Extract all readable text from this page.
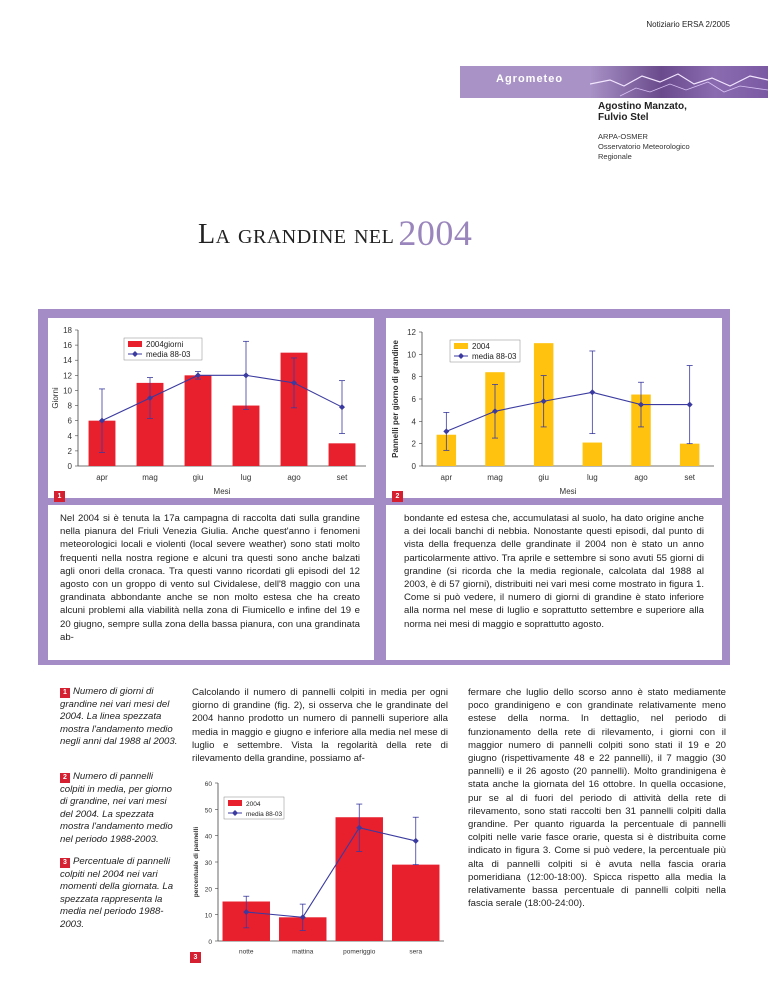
Notiziario ERSA 2/2005
Agrometeo
Agostino Manzato,
Fulvio Stel
ARPA-OSMER
Osservatorio Meteorologico
Regionale
La grandine nel 2004
0
2
4
6
8
10
12
14
16
18
apr	mag	giu	lug	ago	set
Mesi
Giorni
2004giorni
media 88-03
0
2
4
6
8
10
12
apr	mag	giu	lug	ago	set
Mesi
Pannelli per giorno di grandine	2004
media 88-03
1	2
Nel 2004 si è tenuta la 17a campagna di raccolta dati sulla grandine nella pianura del Friuli Venezia Giulia. Anche quest'anno i fenomeni meteorologici locali e violenti (local severe weather) sono stati molto frequenti nella nostra regione e alcuni tra questi sono anche balzati agli onori della cronaca. Tra questi vanno ricordati gli episodi del 12 agosto con un groppo di vento sul Cividalese, dell'8 maggio con una grandinata abbondante anche se non molto estesa che ha creato alcuni problemi alla viabilità nella zona di Fiumicello e infine del 19 e 20 giugno, sempre sulla zona della bassa pianura, con una grandinata ab-
bondante ed estesa che, accumulatasi al suolo, ha dato origine anche a dei locali banchi di nebbia. Nonostante questi episodi, dal punto di vista della frequenza delle grandinate il 2004 non è stato un anno particolarmente attivo. Tra aprile e settembre si sono avuti 55 giorni di grandine (si ricorda che la media regionale, calcolata dal 1988 al 2003, è di 57 giorni), distribuiti nei vari mesi come mostrato in figura 1. Come si può vedere, il numero di giorni di grandine è stato inferiore alla norma nel mese di luglio e soprattutto settembre e superiore alla norma nei mesi di maggio e soprattutto agosto.
1 Numero di giorni di grandine nei vari mesi del 2004. La linea spezzata mostra l'andamento medio negli anni dal 1988 al 2003.
2 Numero di pannelli colpiti in media, per giorno di grandine, nei vari mesi del 2004. La spezzata mostra l'andamento medio nel periodo 1988-2003.
3 Percentuale di pannelli colpiti nel 2004 nei vari momenti della giornata. La spezzata rappresenta la media nel periodo 1988-2003.
Calcolando il numero di pannelli colpiti in media per ogni giorno di grandine (fig. 2), si osserva che le grandinate del 2004 hanno prodotto un numero di pannelli superiore alla media in maggio e giugno e inferiore alla media nel mese di luglio e settembre. Vista la regolarità della rete di rilevamento della grandine, possiamo af-
fermare che luglio dello scorso anno è stato mediamente poco grandinigeno e con grandinate relativamente meno estese della norma. In dettaglio, nel periodo di funzionamento della rete di rilevamento, i giorni con il maggior numero di pannelli colpiti sono stati il 19 e 20 giugno (rispettivamente 48 e 22 pannelli), il 7 maggio (30 pannelli) e il 26 agosto (20 pannelli). Molto grandinigena è stata anche la giornata del 16 ottobre. In quella occasione, pur se al di fuori del periodo di attività della rete di rilevamento, sono stati raccolti ben 31 pannelli colpiti dalla grandine. Per quanto riguarda la percentuale di pannelli colpiti nelle varie fasce orarie, questa si è distribuita come indicato in figura 3. Come si può vedere, la percentuale più alta di pannelli colpiti si è avuta nella fascia oraria pomeridiana (12:00-18:00). Spicca rispetto alla media la relativamente bassa percentuale di pannelli colpiti nella fascia serale (18:00-24:00).
0
10
20
30
40
50
60
notte	mattina	pomeriggio	sera
percentuale di pannelli
2004
media 88-03
3
